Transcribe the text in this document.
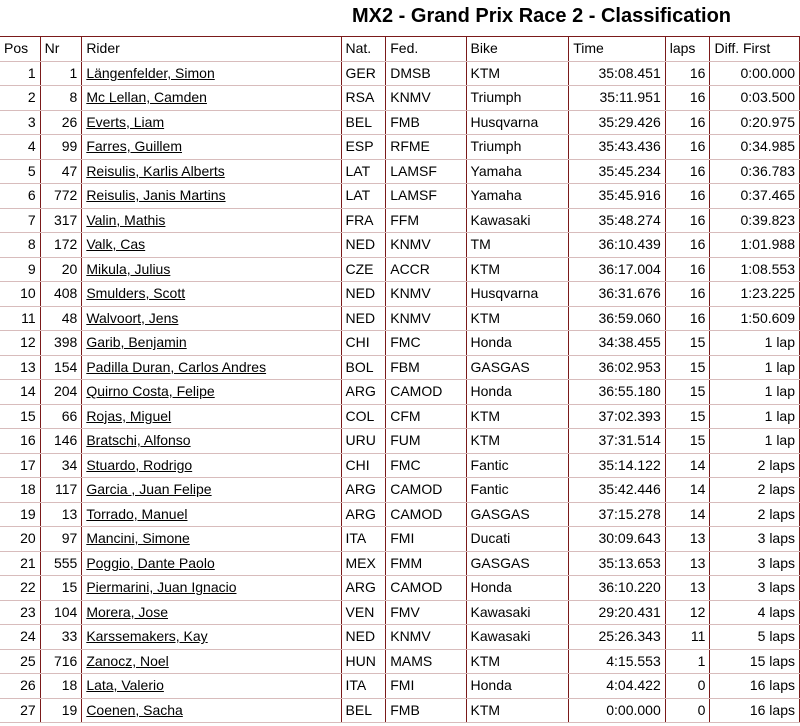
MX2 - Grand Prix Race 2 - Classification
Pos	Nr	Rider	Nat.	Fed.	Bike	Time	laps	Diff. First
1	1	Längenfelder, Simon	GER	DMSB	KTM	35:08.451	16	0:00.000
2	8	Mc Lellan, Camden	RSA	KNMV	Triumph	35:11.951	16	0:03.500
3	26	Everts, Liam	BEL	FMB	Husqvarna	35:29.426	16	0:20.975
4	99	Farres, Guillem	ESP	RFME	Triumph	35:43.436	16	0:34.985
5	47	Reisulis, Karlis Alberts	LAT	LAMSF	Yamaha	35:45.234	16	0:36.783
6	772	Reisulis, Janis Martins	LAT	LAMSF	Yamaha	35:45.916	16	0:37.465
7	317	Valin, Mathis	FRA	FFM	Kawasaki	35:48.274	16	0:39.823
8	172	Valk, Cas	NED	KNMV	TM	36:10.439	16	1:01.988
9	20	Mikula, Julius	CZE	ACCR	KTM	36:17.004	16	1:08.553
10	408	Smulders, Scott	NED	KNMV	Husqvarna	36:31.676	16	1:23.225
11	48	Walvoort, Jens	NED	KNMV	KTM	36:59.060	16	1:50.609
12	398	Garib, Benjamin	CHI	FMC	Honda	34:38.455	15	1 lap
13	154	Padilla Duran, Carlos Andres	BOL	FBM	GASGAS	36:02.953	15	1 lap
14	204	Quirno Costa, Felipe	ARG	CAMOD	Honda	36:55.180	15	1 lap
15	66	Rojas, Miguel	COL	CFM	KTM	37:02.393	15	1 lap
16	146	Bratschi, Alfonso	URU	FUM	KTM	37:31.514	15	1 lap
17	34	Stuardo, Rodrigo	CHI	FMC	Fantic	35:14.122	14	2 laps
18	117	Garcia , Juan Felipe	ARG	CAMOD	Fantic	35:42.446	14	2 laps
19	13	Torrado, Manuel	ARG	CAMOD	GASGAS	37:15.278	14	2 laps
20	97	Mancini, Simone	ITA	FMI	Ducati	30:09.643	13	3 laps
21	555	Poggio, Dante Paolo	MEX	FMM	GASGAS	35:13.653	13	3 laps
22	15	Piermarini, Juan Ignacio	ARG	CAMOD	Honda	36:10.220	13	3 laps
23	104	Morera, Jose	VEN	FMV	Kawasaki	29:20.431	12	4 laps
24	33	Karssemakers, Kay	NED	KNMV	Kawasaki	25:26.343	11	5 laps
25	716	Zanocz, Noel	HUN	MAMS	KTM	4:15.553	1	15 laps
26	18	Lata, Valerio	ITA	FMI	Honda	4:04.422	0	16 laps
27	19	Coenen, Sacha	BEL	FMB	KTM	0:00.000	0	16 laps
